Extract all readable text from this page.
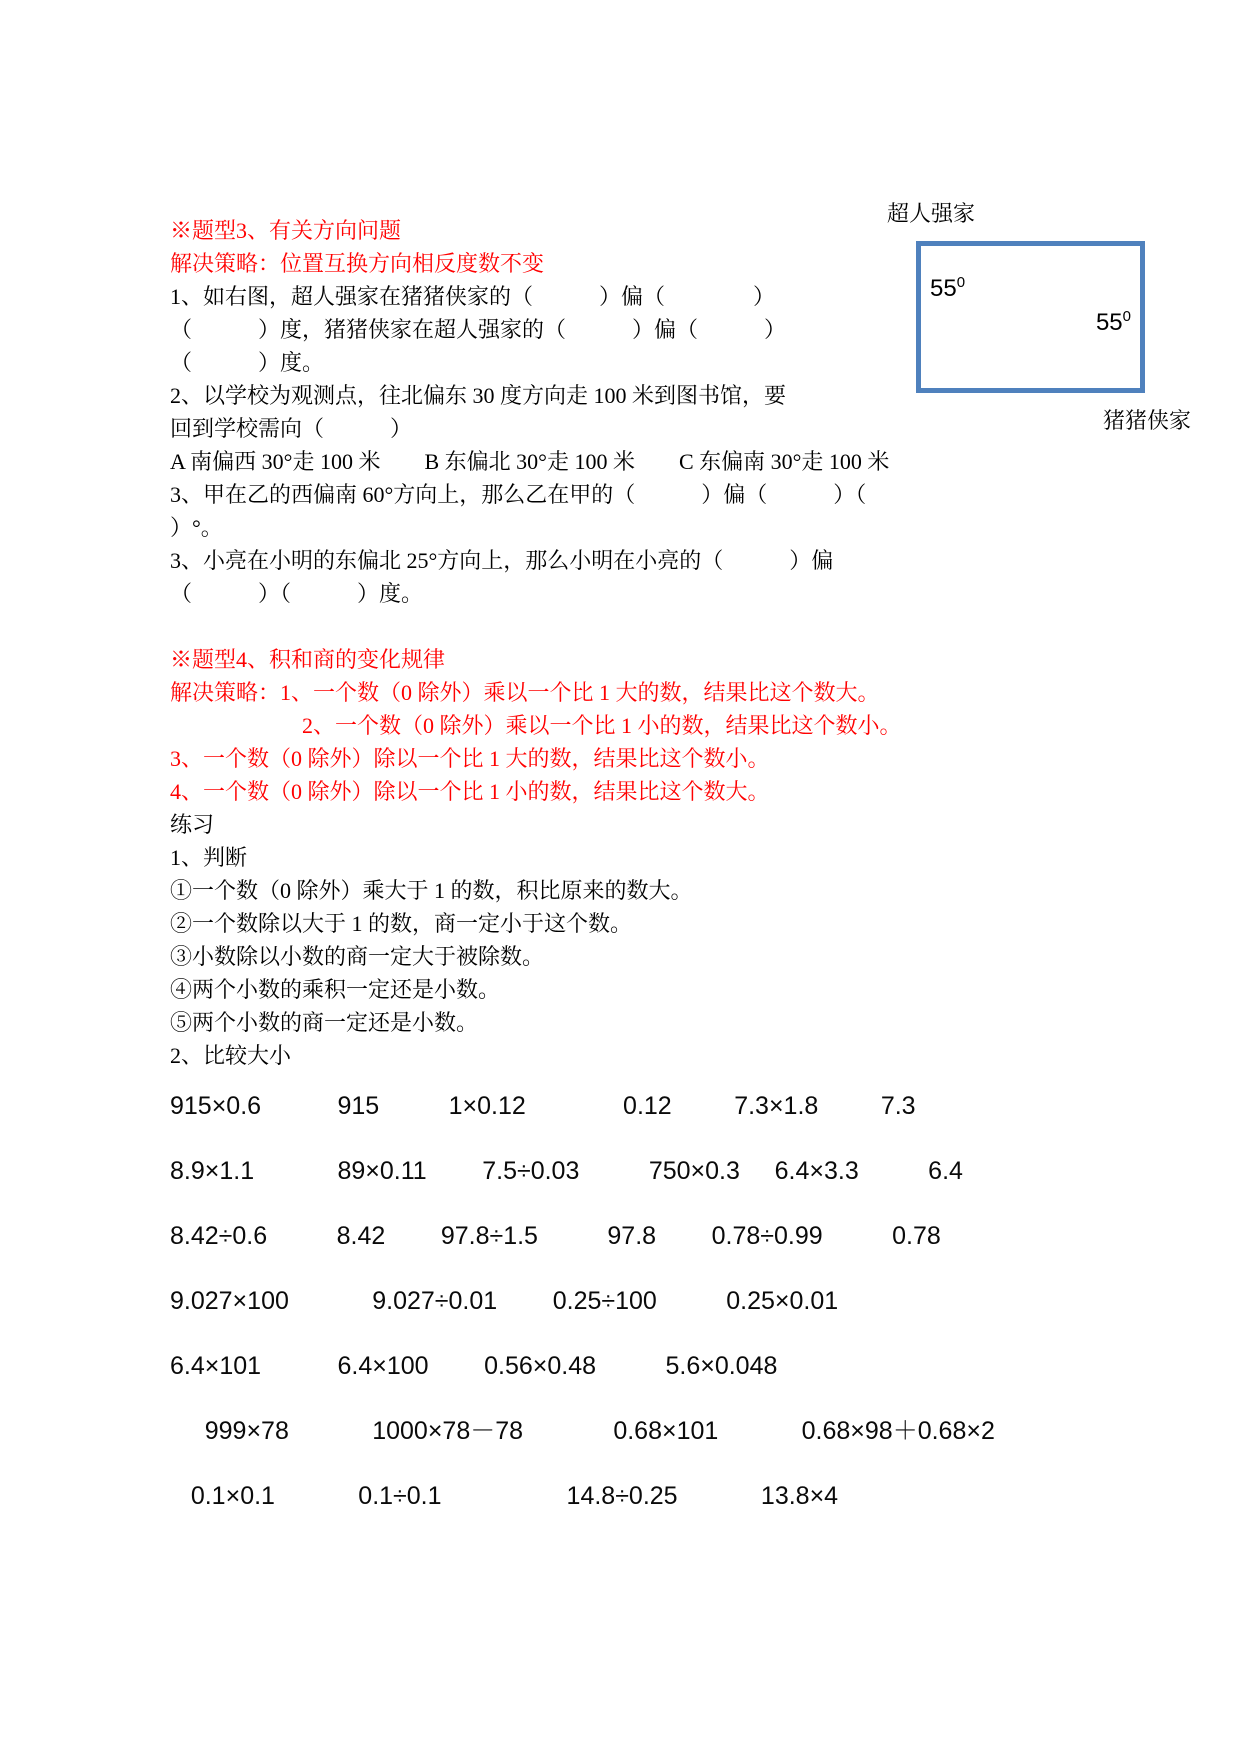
超人强家
$55^0$
$55^0$
猪猪侠家
※题型3、有关方向问题
解决策略：位置互换方向相反度数不变
1、如右图，超人强家在猪猪侠家的（　　　）偏（　　　　）
（　　　）度，猪猪侠家在超人强家的（　　　）偏（　　　）
（　　　）度。
2、以学校为观测点，往北偏东 30 度方向走 100 米到图书馆，要
回到学校需向（　　　）
A 南偏西 30°走 100 米　　B 东偏北 30°走 100 米　　C 东偏南 30°走 100 米
3、甲在乙的西偏南 60°方向上，那么乙在甲的（　　　）偏（　　　）（
）°。
3、小亮在小明的东偏北 25°方向上，那么小明在小亮的（　　　）偏
（　　　）（　　　）度。
※题型4、积和商的变化规律
解决策略：1、一个数（0 除外）乘以一个比 1 大的数，结果比这个数大。
2、一个数（0 除外）乘以一个比 1 小的数，结果比这个数小。
3、一个数（0 除外）除以一个比 1 大的数，结果比这个数小。
4、一个数（0 除外）除以一个比 1 小的数，结果比这个数大。
练习
1、判断
①一个数（0 除外）乘大于 1 的数，积比原来的数大。
②一个数除以大于 1 的数，商一定小于这个数。
③小数除以小数的商一定大于被除数。
④两个小数的乘积一定还是小数。
⑤两个小数的商一定还是小数。
2、比较大小
915×0.6           915          1×0.12              0.12         7.3×1.8         7.3
8.9×1.1            89×0.11        7.5÷0.03          750×0.3     6.4×3.3          6.4
8.42÷0.6          8.42        97.8÷1.5          97.8        0.78÷0.99          0.78
9.027×100            9.027÷0.01        0.25÷100          0.25×0.01
6.4×101           6.4×100        0.56×0.48          5.6×0.048
999×78            1000×78－78             0.68×101            0.68×98＋0.68×2
0.1×0.1            0.1÷0.1                  14.8÷0.25            13.8×4
